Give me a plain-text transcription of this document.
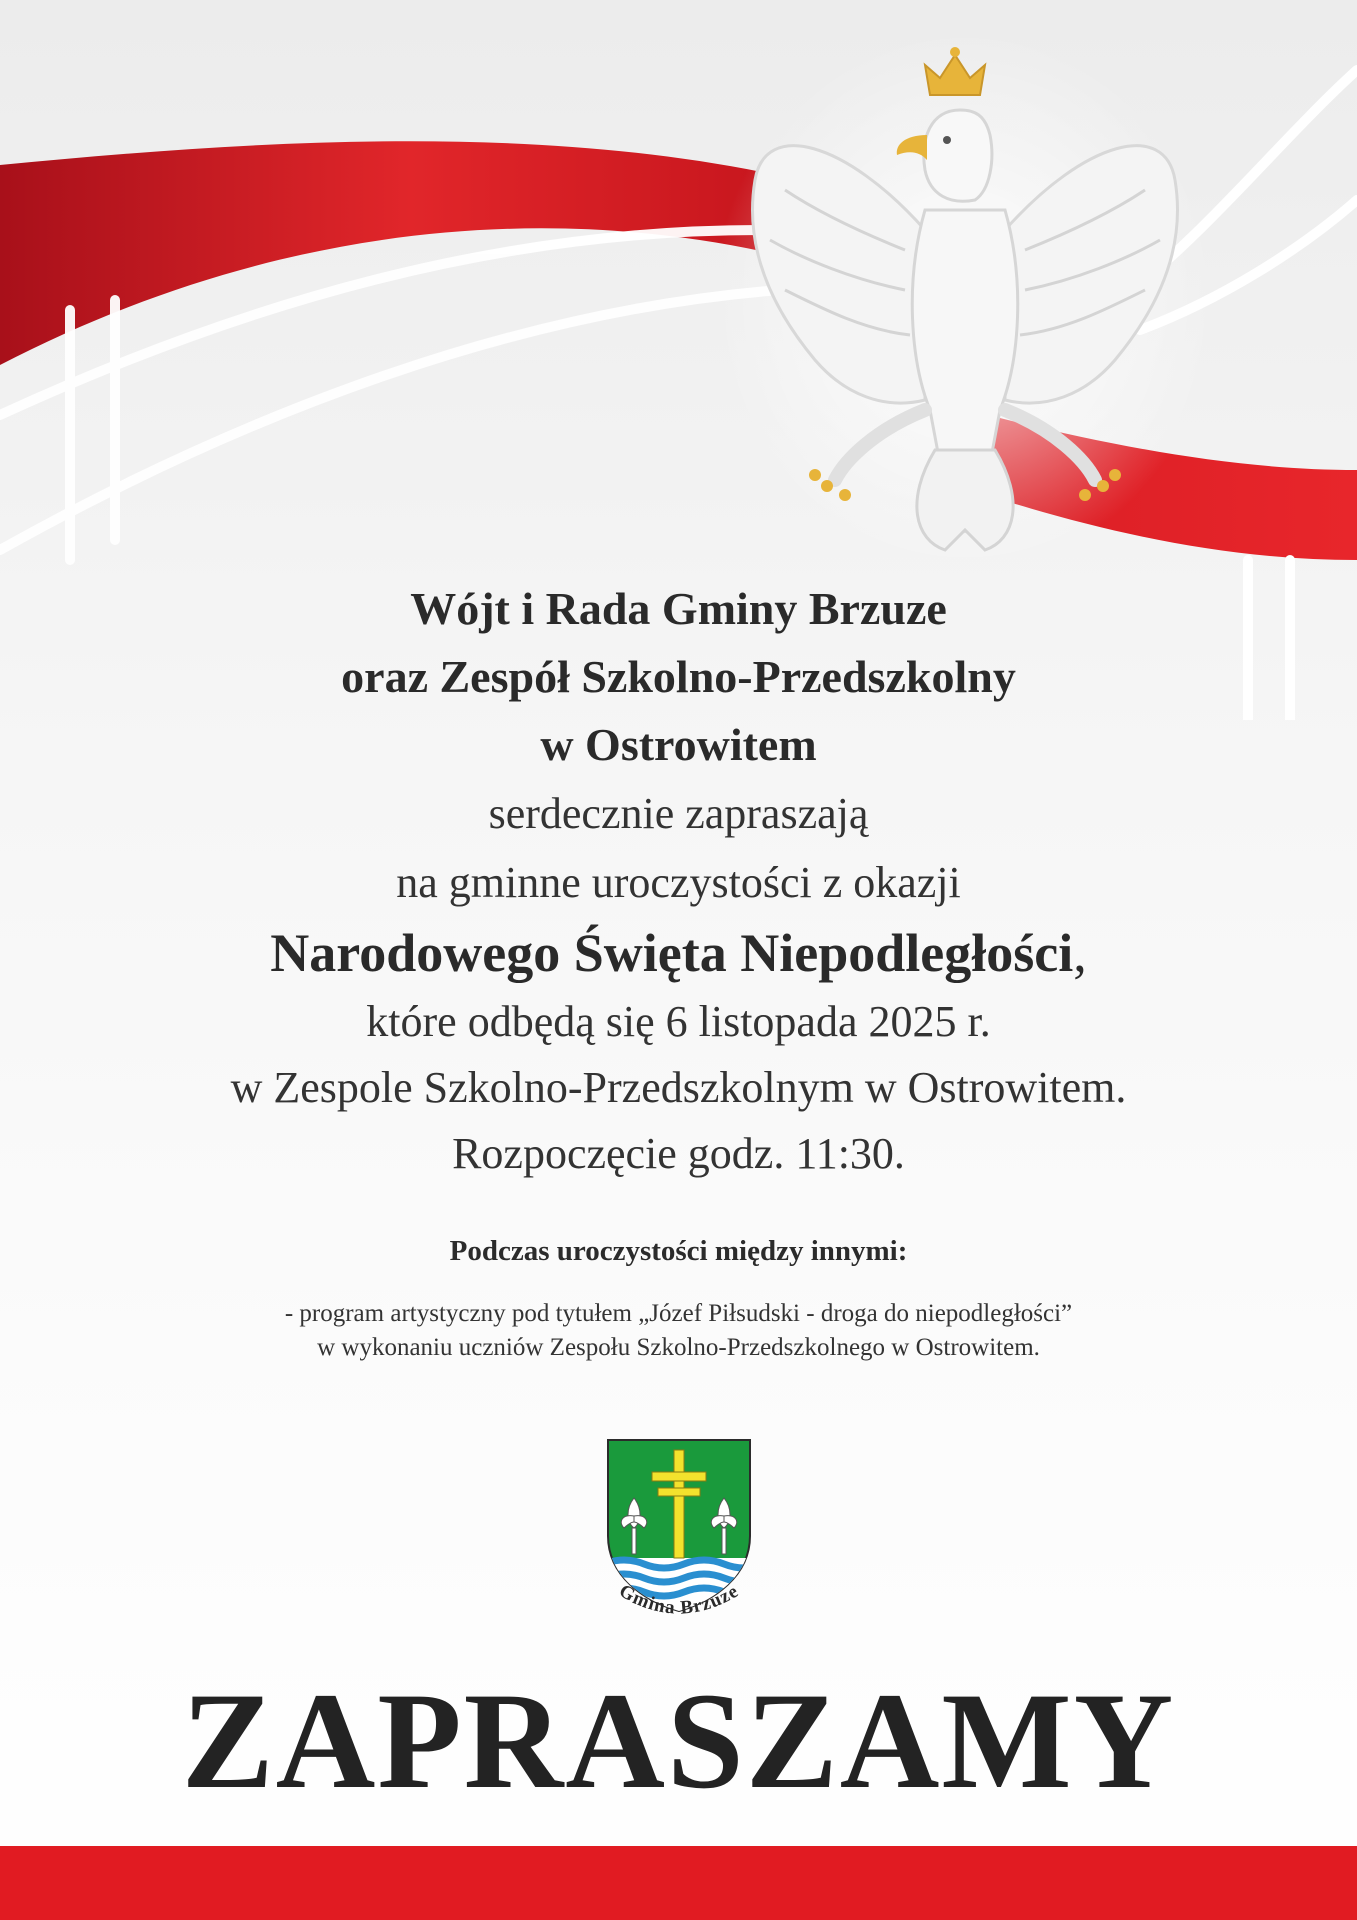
Wójt i Rada Gminy Brzuze
oraz Zespół Szkolno-Przedszkolny
w Ostrowitem
serdecznie zapraszają
na gminne uroczystości z okazji
Narodowego Święta Niepodległości,
które odbędą się 6 listopada 2025 r.
w Zespole Szkolno-Przedszkolnym w Ostrowitem.
Rozpoczęcie godz. 11:30.
Podczas uroczystości między innymi:
- program artystyczny pod tytułem „Józef Piłsudski - droga do niepodległości”
w wykonaniu uczniów Zespołu Szkolno-Przedszkolnego w Ostrowitem.
Gmina Brzuze
ZAPRASZAMY
